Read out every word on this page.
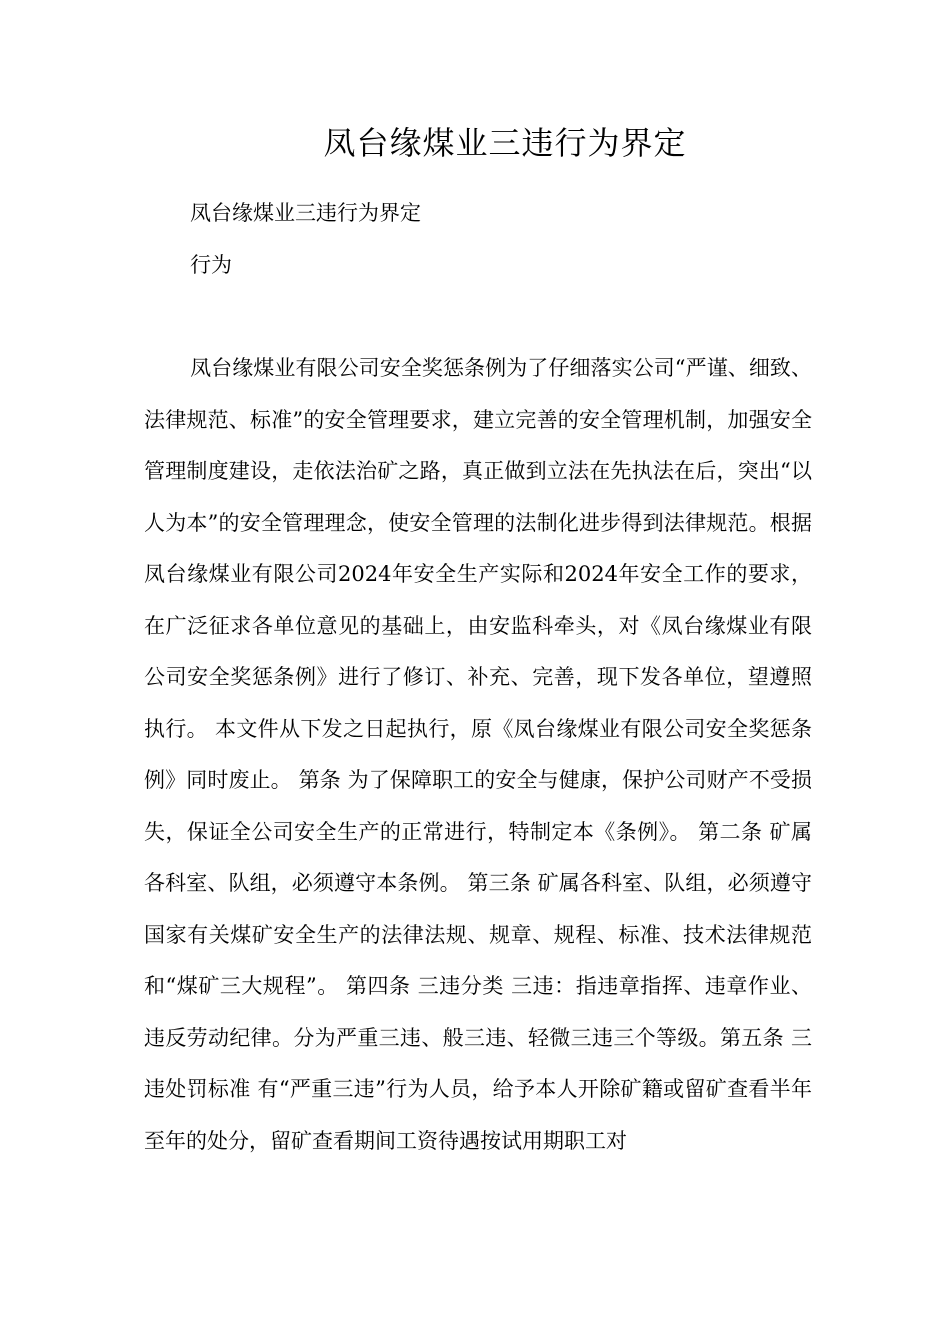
凤台缘煤业三违行为界定
凤台缘煤业三违行为界定
行为
凤台缘煤业有限公司安全奖惩条例为了仔细落实公司“严谨、细致、法律规范、标准”的安全管理要求，建立完善的安全管理机制，加强安全管理制度建设，走依法治矿之路，真正做到立法在先执法在后，突出“以人为本”的安全管理理念，使安全管理的法制化进步得到法律规范。根据凤台缘煤业有限公司2024年安全生产实际和2024年安全工作的要求，在广泛征求各单位意见的基础上，由安监科牵头，对《凤台缘煤业有限公司安全奖惩条例》进行了修订、补充、完善，现下发各单位，望遵照执行。 本文件从下发之日起执行，原《凤台缘煤业有限公司安全奖惩条例》同时废止。 第条 为了保障职工的安全与健康，保护公司财产不受损失，保证全公司安全生产的正常进行，特制定本《条例》。 第二条 矿属各科室、队组，必须遵守本条例。 第三条 矿属各科室、队组，必须遵守国家有关煤矿安全生产的法律法规、规章、规程、标准、技术法律规范和“煤矿三大规程”。 第四条 三违分类 三违：指违章指挥、违章作业、违反劳动纪律。分为严重三违、般三违、轻微三违三个等级。第五条 三违处罚标准 有“严重三违”行为人员，给予本人开除矿籍或留矿查看半年至年的处分，留矿查看期间工资待遇按试用期职工对
